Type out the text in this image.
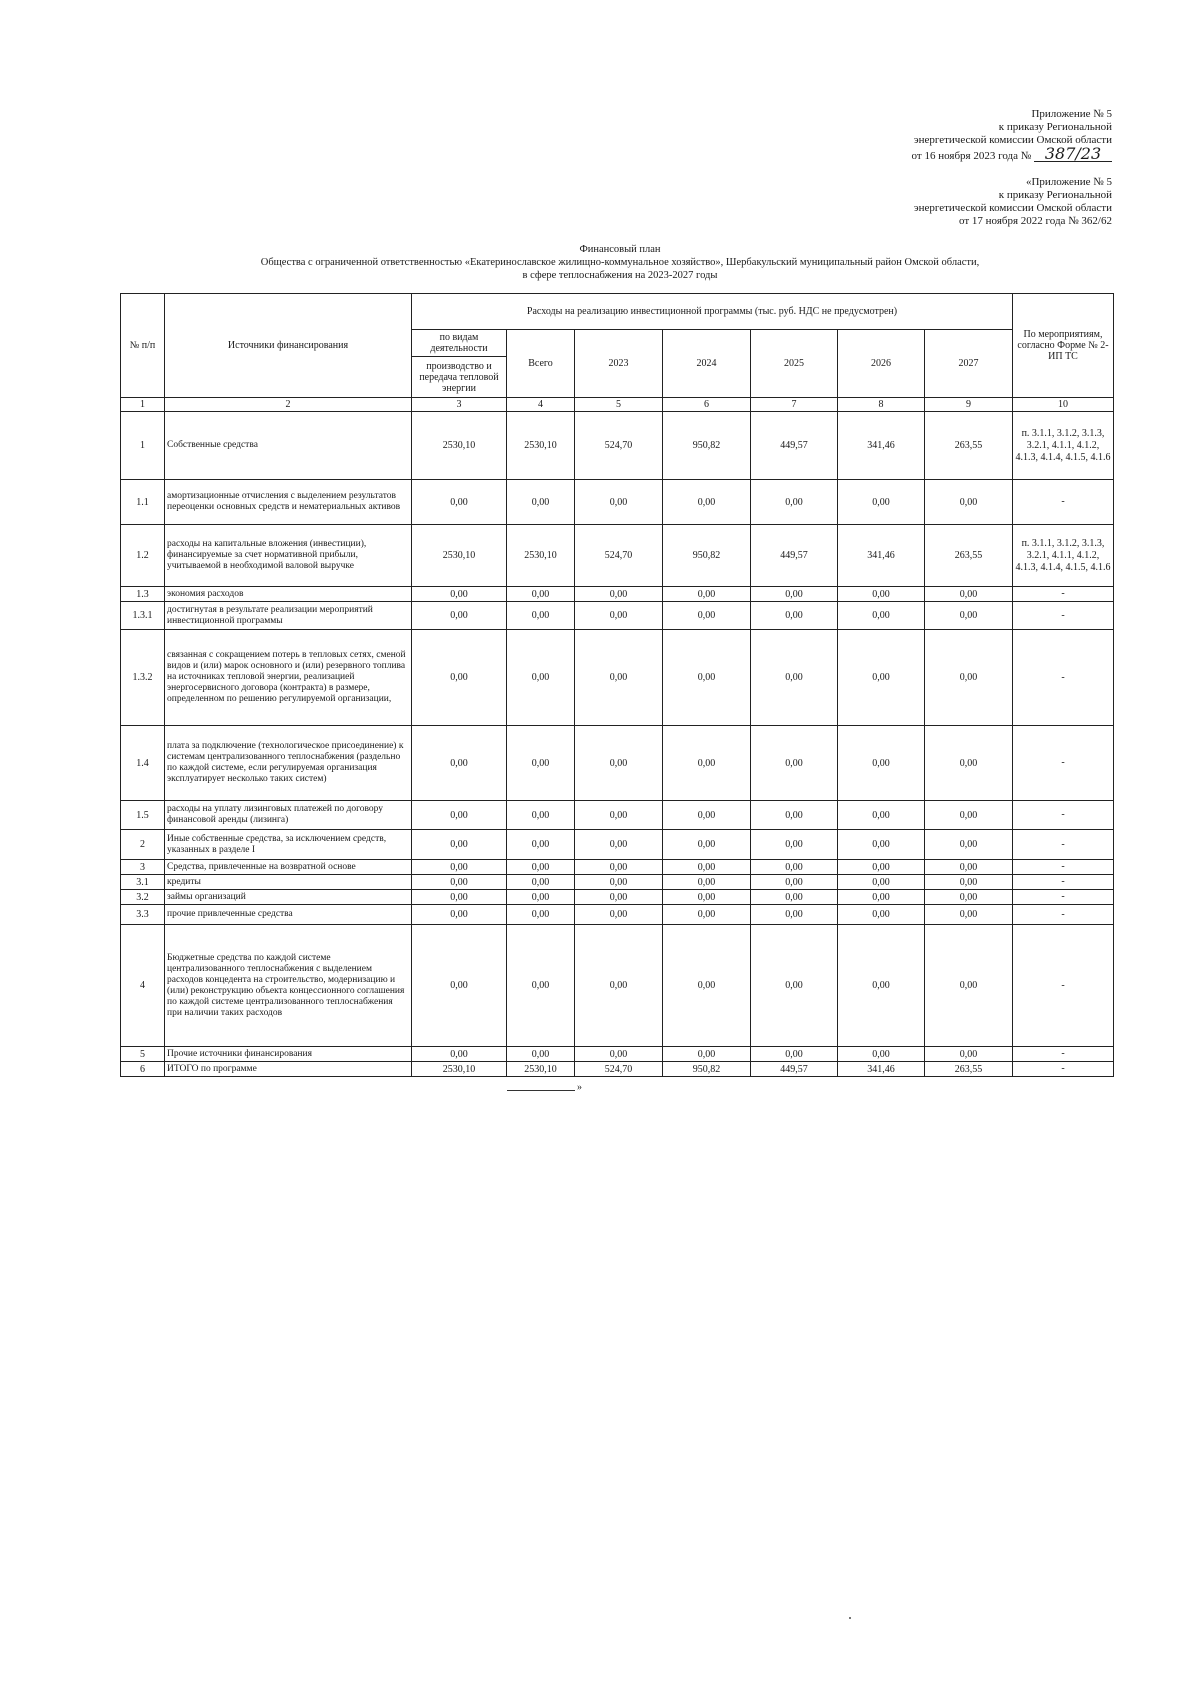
Приложение № 5
к приказу Региональной
энергетической комиссии Омской области
от 16 ноября 2023 года № 387/23
«Приложение № 5
к приказу Региональной
энергетической комиссии Омской области
от 17 ноября 2022 года № 362/62
Финансовый план
Общества с ограниченной ответственностью «Екатеринославское жилищно-коммунальное хозяйство», Шербакульский муниципальный район Омской области,
в сфере теплоснабжения на 2023-2027 годы
№ п/п	Источники финансирования	Расходы на реализацию инвестиционной программы (тыс. руб. НДС не предусмотрен)							По мероприятиям, согласно Форме № 2-ИП ТС
		по видам деятельности	Всего	2023	2024	2025	2026	2027	
		производство и передача тепловой энергии							
1	2	3	4	5	6	7	8	9	10
1	Собственные средства	2530,10	2530,10	524,70	950,82	449,57	341,46	263,55	п. 3.1.1, 3.1.2, 3.1.3, 3.2.1, 4.1.1, 4.1.2, 4.1.3, 4.1.4, 4.1.5, 4.1.6
1.1	амортизационные отчисления с выделением результатов переоценки основных средств и нематериальных активов	0,00	0,00	0,00	0,00	0,00	0,00	0,00	-
1.2	расходы на капитальные вложения (инвестиции), финансируемые за счет нормативной прибыли, учитываемой в необходимой валовой выручке	2530,10	2530,10	524,70	950,82	449,57	341,46	263,55	п. 3.1.1, 3.1.2, 3.1.3, 3.2.1, 4.1.1, 4.1.2, 4.1.3, 4.1.4, 4.1.5, 4.1.6
1.3	экономия расходов	0,00	0,00	0,00	0,00	0,00	0,00	0,00	-
1.3.1	достигнутая в результате реализации мероприятий инвестиционной программы	0,00	0,00	0,00	0,00	0,00	0,00	0,00	-
1.3.2	связанная с сокращением потерь в тепловых сетях, сменой видов и (или) марок основного и (или) резервного топлива на источниках тепловой энергии, реализацией энергосервисного договора (контракта) в размере, определенном по решению регулируемой организации,	0,00	0,00	0,00	0,00	0,00	0,00	0,00	-
1.4	плата за подключение (технологическое присоединение) к системам централизованного теплоснабжения (раздельно по каждой системе, если регулируемая организация эксплуатирует несколько таких систем)	0,00	0,00	0,00	0,00	0,00	0,00	0,00	-
1.5	расходы на уплату лизинговых платежей по договору финансовой аренды (лизинга)	0,00	0,00	0,00	0,00	0,00	0,00	0,00	-
2	Иные собственные средства, за исключением средств, указанных в разделе I	0,00	0,00	0,00	0,00	0,00	0,00	0,00	-
3	Средства, привлеченные на возвратной основе	0,00	0,00	0,00	0,00	0,00	0,00	0,00	-
3.1	кредиты	0,00	0,00	0,00	0,00	0,00	0,00	0,00	-
3.2	займы организаций	0,00	0,00	0,00	0,00	0,00	0,00	0,00	-
3.3	прочие привлеченные средства	0,00	0,00	0,00	0,00	0,00	0,00	0,00	-
4	Бюджетные средства по каждой системе централизованного теплоснабжения с выделением расходов концедента на строительство, модернизацию и (или) реконструкцию объекта концессионного соглашения по каждой системе централизованного теплоснабжения при наличии таких расходов	0,00	0,00	0,00	0,00	0,00	0,00	0,00	-
5	Прочие источники финансирования	0,00	0,00	0,00	0,00	0,00	0,00	0,00	-
6	ИТОГО по программе	2530,10	2530,10	524,70	950,82	449,57	341,46	263,55	-
»
